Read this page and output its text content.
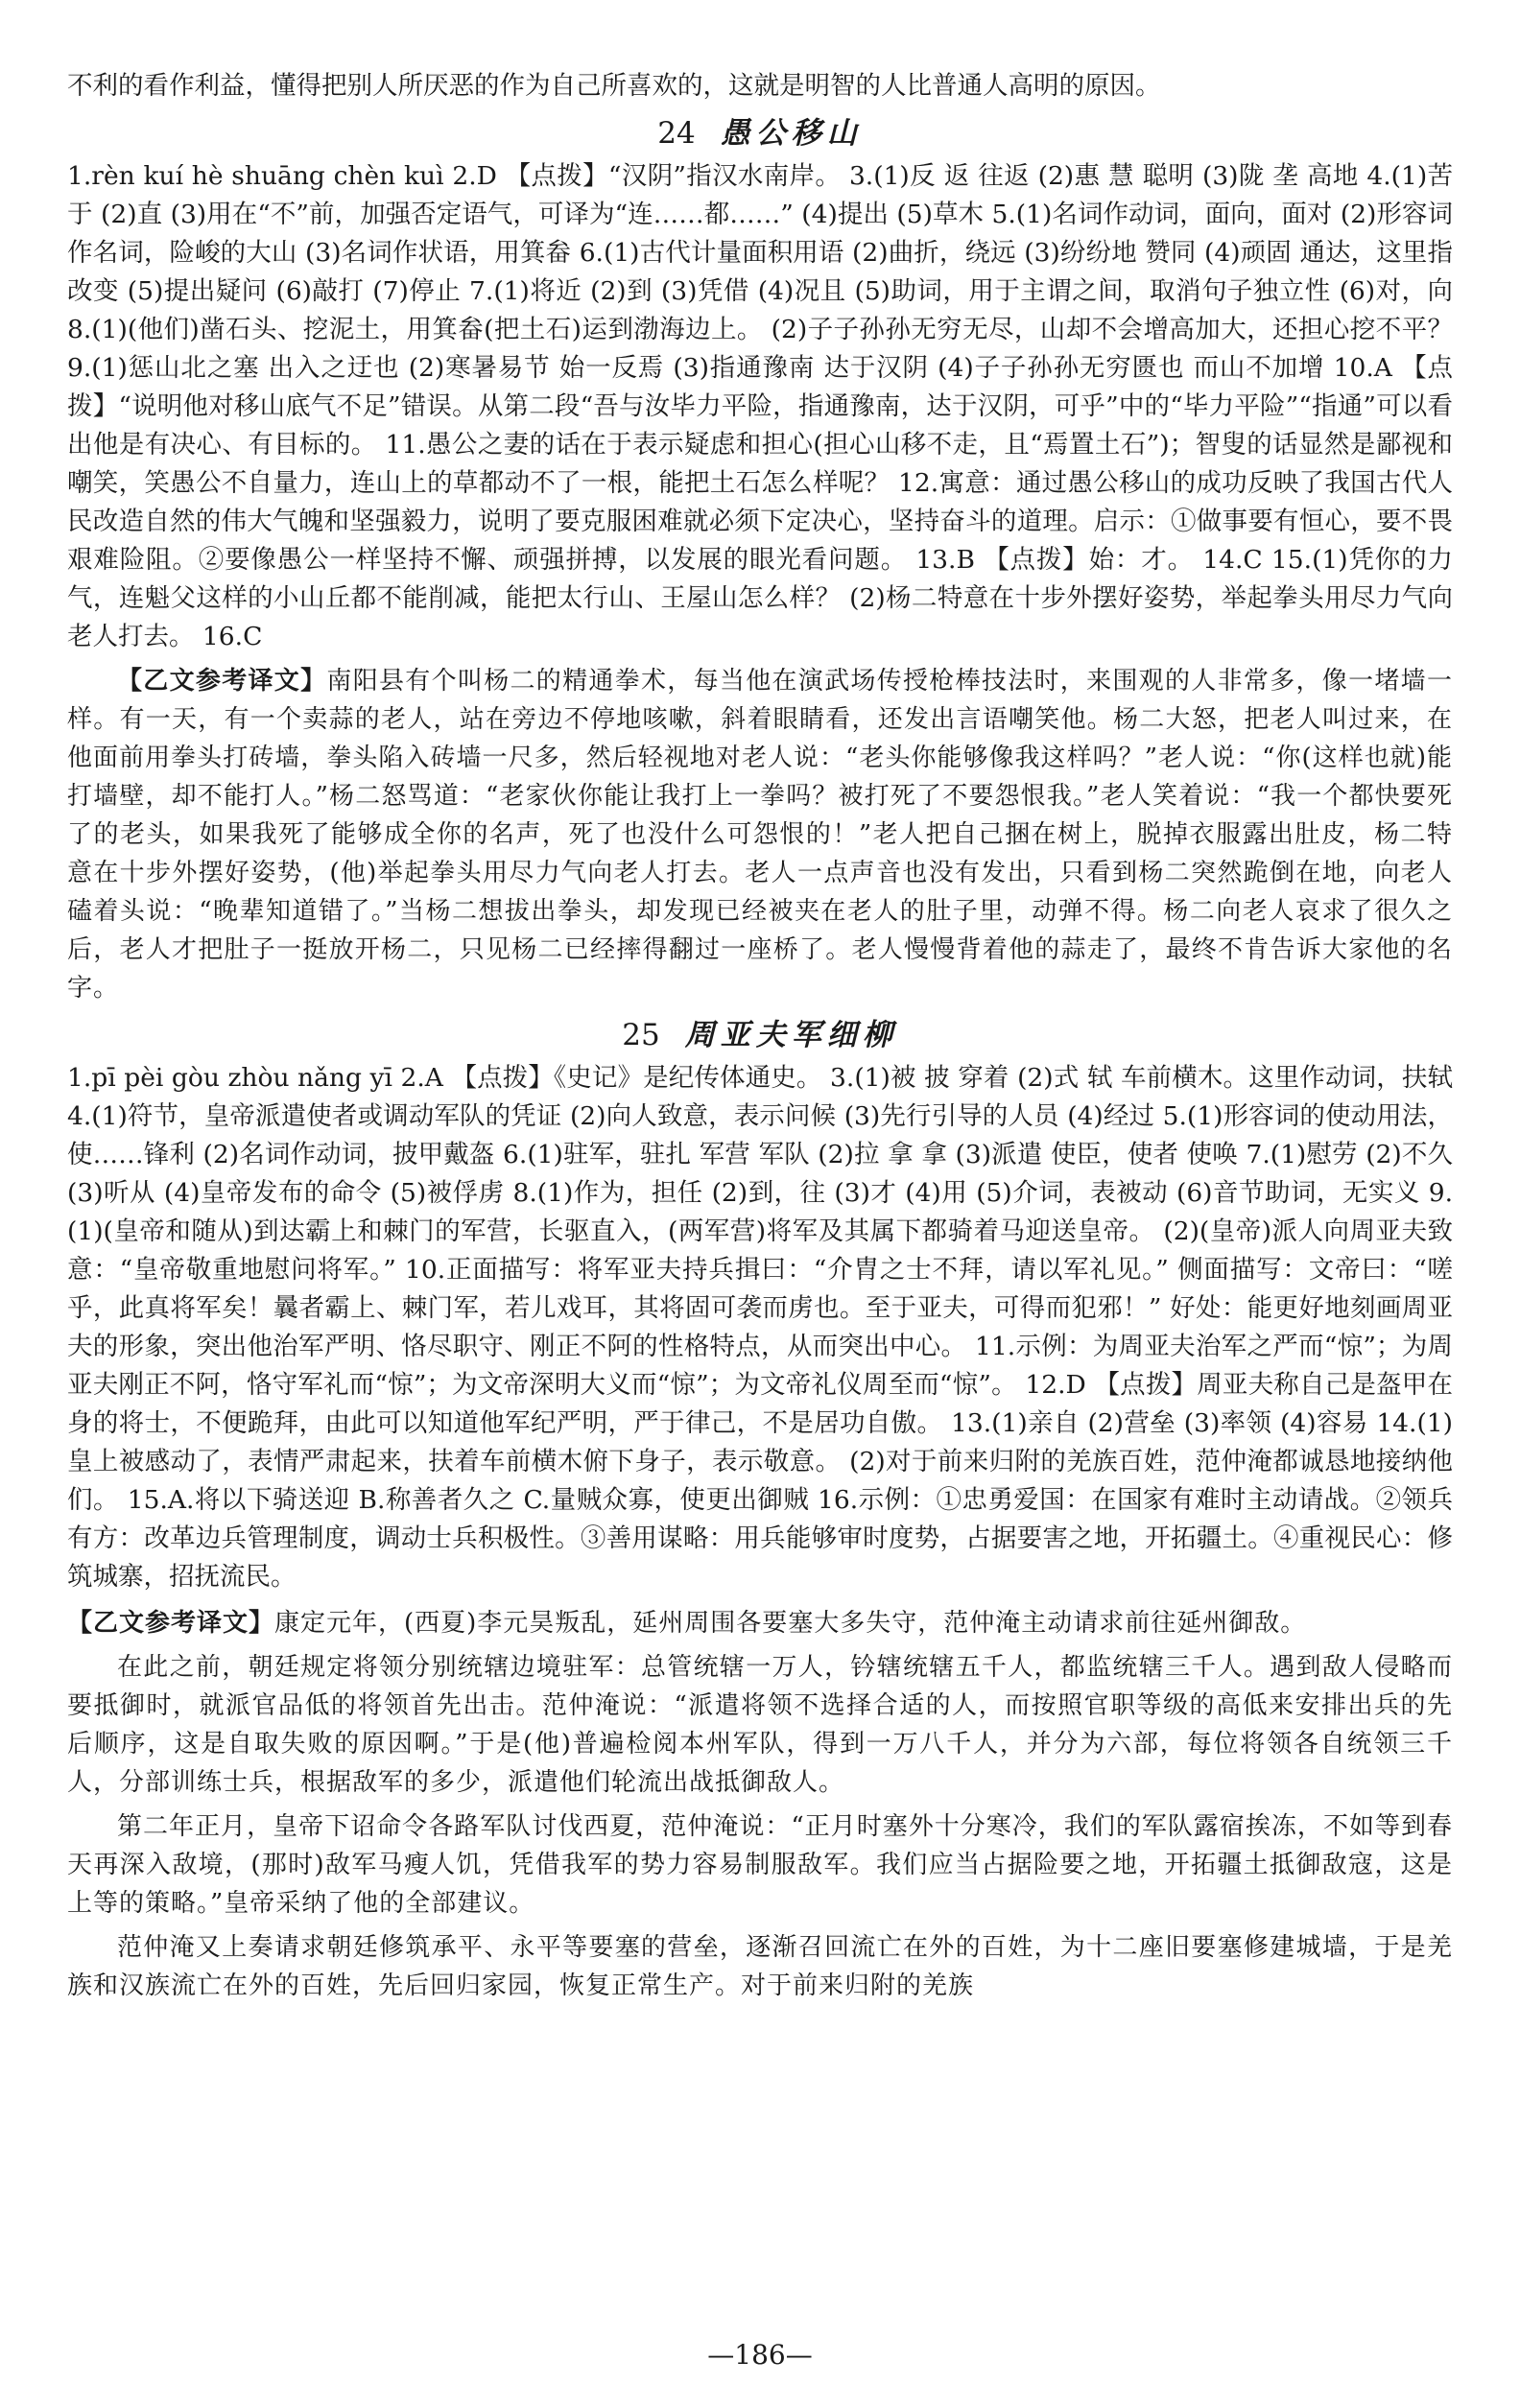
不利的看作利益，懂得把别人所厌恶的作为自己所喜欢的，这就是明智的人比普通人高明的原因。

24 愚公移山

1.rèn kuí hè shuāng chèn kuì 2.D 【点拨】“汉阴”指汉水南岸。 3.(1)反 返 往返 (2)惠 慧 聪明 (3)陇 垄 高地 4.(1)苦于 (2)直 (3)用在“不”前，加强否定语气，可译为“连……都……” (4)提出 (5)草木 5.(1)名词作动词，面向，面对 (2)形容词作名词，险峻的大山 (3)名词作状语，用箕畚 6.(1)古代计量面积用语 (2)曲折，绕远 (3)纷纷地 赞同 (4)顽固 通达，这里指改变 (5)提出疑问 (6)敲打 (7)停止 7.(1)将近 (2)到 (3)凭借 (4)况且 (5)助词，用于主谓之间，取消句子独立性 (6)对，向 8.(1)(他们)凿石头、挖泥土，用箕畚(把土石)运到渤海边上。 (2)子子孙孙无穷无尽，山却不会增高加大，还担心挖不平？ 9.(1)惩山北之塞 出入之迂也 (2)寒暑易节 始一反焉 (3)指通豫南 达于汉阴 (4)子子孙孙无穷匮也 而山不加增 10.A 【点拨】“说明他对移山底气不足”错误。从第二段“吾与汝毕力平险，指通豫南，达于汉阴，可乎”中的“毕力平险”“指通”可以看出他是有决心、有目标的。 11.愚公之妻的话在于表示疑虑和担心(担心山移不走，且“焉置土石”)；智叟的话显然是鄙视和嘲笑，笑愚公不自量力，连山上的草都动不了一根，能把土石怎么样呢？ 12.寓意：通过愚公移山的成功反映了我国古代人民改造自然的伟大气魄和坚强毅力，说明了要克服困难就必须下定决心，坚持奋斗的道理。启示：①做事要有恒心，要不畏艰难险阻。②要像愚公一样坚持不懈、顽强拼搏，以发展的眼光看问题。 13.B 【点拨】始：才。 14.C 15.(1)凭你的力气，连魁父这样的小山丘都不能削减，能把太行山、王屋山怎么样？ (2)杨二特意在十步外摆好姿势，举起拳头用尽力气向老人打去。 16.C

【乙文参考译文】南阳县有个叫杨二的精通拳术，每当他在演武场传授枪棒技法时，来围观的人非常多，像一堵墙一样。有一天，有一个卖蒜的老人，站在旁边不停地咳嗽，斜着眼睛看，还发出言语嘲笑他。杨二大怒，把老人叫过来，在他面前用拳头打砖墙，拳头陷入砖墙一尺多，然后轻视地对老人说：“老头你能够像我这样吗？”老人说：“你(这样也就)能打墙壁，却不能打人。”杨二怒骂道：“老家伙你能让我打上一拳吗？被打死了不要怨恨我。”老人笑着说：“我一个都快要死了的老头，如果我死了能够成全你的名声，死了也没什么可怨恨的！”老人把自己捆在树上，脱掉衣服露出肚皮，杨二特意在十步外摆好姿势，(他)举起拳头用尽力气向老人打去。老人一点声音也没有发出，只看到杨二突然跪倒在地，向老人磕着头说：“晚辈知道错了。”当杨二想拔出拳头，却发现已经被夹在老人的肚子里，动弹不得。杨二向老人哀求了很久之后，老人才把肚子一挺放开杨二，只见杨二已经摔得翻过一座桥了。老人慢慢背着他的蒜走了，最终不肯告诉大家他的名字。

25 周亚夫军细柳

1.pī pèi gòu zhòu nǎng yī 2.A 【点拨】《史记》是纪传体通史。 3.(1)被 披 穿着 (2)式 轼 车前横木。这里作动词，扶轼 4.(1)符节，皇帝派遣使者或调动军队的凭证 (2)向人致意，表示问候 (3)先行引导的人员 (4)经过 5.(1)形容词的使动用法，使……锋利 (2)名词作动词，披甲戴盔 6.(1)驻军，驻扎 军营 军队 (2)拉 拿 拿 (3)派遣 使臣，使者 使唤 7.(1)慰劳 (2)不久 (3)听从 (4)皇帝发布的命令 (5)被俘虏 8.(1)作为，担任 (2)到，往 (3)才 (4)用 (5)介词，表被动 (6)音节助词，无实义 9.(1)(皇帝和随从)到达霸上和棘门的军营，长驱直入，(两军营)将军及其属下都骑着马迎送皇帝。 (2)(皇帝)派人向周亚夫致意：“皇帝敬重地慰问将军。” 10.正面描写：将军亚夫持兵揖曰：“介胄之士不拜，请以军礼见。” 侧面描写：文帝曰：“嗟乎，此真将军矣！曩者霸上、棘门军，若儿戏耳，其将固可袭而虏也。至于亚夫，可得而犯邪！” 好处：能更好地刻画周亚夫的形象，突出他治军严明、恪尽职守、刚正不阿的性格特点，从而突出中心。 11.示例：为周亚夫治军之严而“惊”；为周亚夫刚正不阿，恪守军礼而“惊”；为文帝深明大义而“惊”；为文帝礼仪周至而“惊”。 12.D 【点拨】周亚夫称自己是盔甲在身的将士，不便跪拜，由此可以知道他军纪严明，严于律己，不是居功自傲。 13.(1)亲自 (2)营垒 (3)率领 (4)容易 14.(1)皇上被感动了，表情严肃起来，扶着车前横木俯下身子，表示敬意。 (2)对于前来归附的羌族百姓，范仲淹都诚恳地接纳他们。 15.A.将以下骑送迎 B.称善者久之 C.量贼众寡，使更出御贼 16.示例：①忠勇爱国：在国家有难时主动请战。②领兵有方：改革边兵管理制度，调动士兵积极性。③善用谋略：用兵能够审时度势，占据要害之地，开拓疆土。④重视民心：修筑城寨，招抚流民。

【乙文参考译文】康定元年，(西夏)李元昊叛乱，延州周围各要塞大多失守，范仲淹主动请求前往延州御敌。

在此之前，朝廷规定将领分别统辖边境驻军：总管统辖一万人，钤辖统辖五千人，都监统辖三千人。遇到敌人侵略而要抵御时，就派官品低的将领首先出击。范仲淹说：“派遣将领不选择合适的人，而按照官职等级的高低来安排出兵的先后顺序，这是自取失败的原因啊。”于是(他)普遍检阅本州军队，得到一万八千人，并分为六部，每位将领各自统领三千人，分部训练士兵，根据敌军的多少，派遣他们轮流出战抵御敌人。

第二年正月，皇帝下诏命令各路军队讨伐西夏，范仲淹说：“正月时塞外十分寒冷，我们的军队露宿挨冻，不如等到春天再深入敌境，(那时)敌军马瘦人饥，凭借我军的势力容易制服敌军。我们应当占据险要之地，开拓疆土抵御敌寇，这是上等的策略。”皇帝采纳了他的全部建议。

范仲淹又上奏请求朝廷修筑承平、永平等要塞的营垒，逐渐召回流亡在外的百姓，为十二座旧要塞修建城墙，于是羌族和汉族流亡在外的百姓，先后回归家园，恢复正常生产。对于前来归附的羌族

—186—
